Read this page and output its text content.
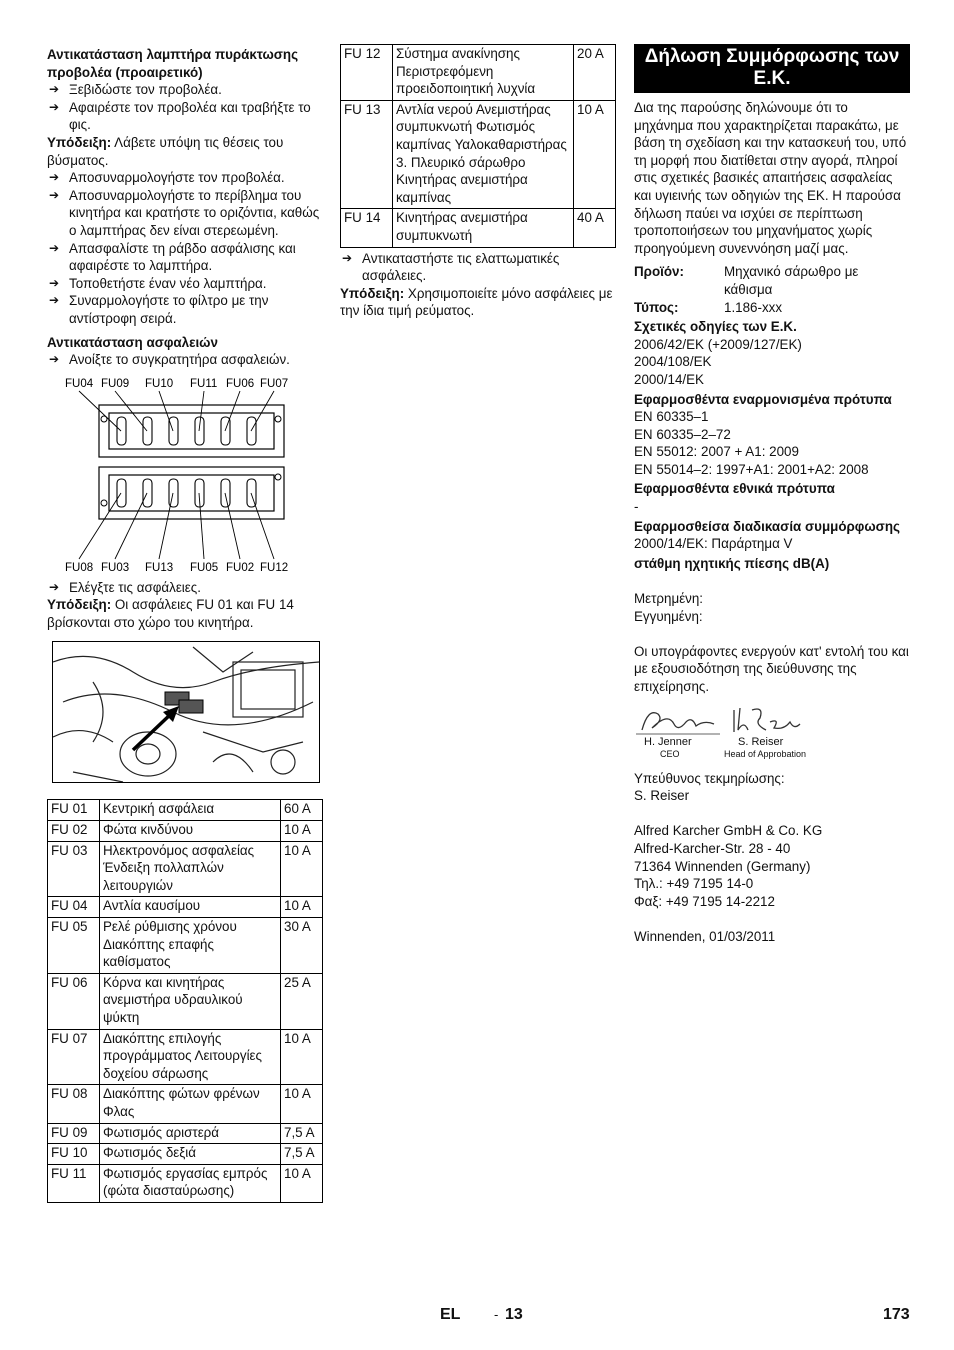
Αντικατάσταση λαμπτήρα πυράκτωσης προβολέα (προαιρετικό)
➔ Ξεβιδώστε τον προβολέα.
➔ Αφαιρέστε τον προβολέα και τραβήξτε το φις.

Υπόδειξη: Λάβετε υπόψη τις θέσεις του βύσματος.

➔ Αποσυναρμολογήστε τον προβολέα.
➔ Αποσυναρμολογήστε το περίβλημα του κινητήρα και κρατήστε το οριζόντια, καθώς ο λαμπτήρας δεν είναι στερεωμένη.
➔ Απασφαλίστε τη ράβδο ασφάλισης και αφαιρέστε το λαμπτήρα.
➔ Τοποθετήστε έναν νέο λαμπτήρα.
➔ Συναρμολογήστε το φίλτρο με την αντίστροφη σειρά.
Αντικατάσταση ασφαλειών
➔ Ανοίξτε το συγκρατητήρα ασφαλειών.
FU04 FU09 FU10 FU11 FU06 FU07
FU08 FU03 FU13 FU05 FU02 FU12
➔ Ελέγξτε τις ασφάλειες.

Υπόδειξη: Οι ασφάλειες FU 01 και FU 14 βρίσκονται στο χώρο του κινητήρα.

FU 01	Κεντρική ασφάλεια	60 A
FU 02	Φώτα κινδύνου	10 A
FU 03	Ηλεκτρονόμος ασφαλείας Ένδειξη πολλαπλών λειτουργιών	10 A
FU 04	Αντλία καυσίμου	10 A
FU 05	Ρελέ ρύθμισης χρόνου Διακόπτης επαφής καθίσματος	30 A
FU 06	Κόρνα και κινητήρας ανεμιστήρα υδραυλικού ψύκτη	25 A
FU 07	Διακόπτης επιλογής προγράμματος Λειτουργίες δοχείου σάρωσης	10 A
FU 08	Διακόπτης φώτων φρένων Φλας	10 A
FU 09	Φωτισμός αριστερά	7,5 A
FU 10	Φωτισμός δεξιά	7,5 A
FU 11	Φωτισμός εργασίας εμπρός (φώτα διασταύρωσης)	10 A
FU 12	Σύστημα ανακίνησης Περιστρεφόμενη προειδοποιητική λυχνία	20 A
FU 13	Αντλία νερού Ανεμιστήρας συμπυκνωτή Φωτισμός καμπίνας Υαλοκαθαριστήρας 3. Πλευρικό σάρωθρο Κινητήρας ανεμιστήρα καμπίνας	10 A
FU 14	Κινητήρας ανεμιστήρα συμπυκνωτή	40 A
➔ Αντικαταστήστε τις ελαττωματικές ασφάλειες.

Υπόδειξη: Χρησιμοποιείτε μόνο ασφάλειες με την ίδια τιμή ρεύματος.

Δήλωση Συμμόρφωσης των Ε.Κ.

Δια της παρούσης δηλώνουμε ότι το μηχάνημα που χαρακτηρίζεται παρακάτω, με βάση τη σχεδίαση και την κατασκευή του, υπό τη μορφή που διατίθεται στην αγορά, πληροί στις σχετικές βασικές απαιτήσεις ασφαλείας και υγιεινής των οδηγιών της ΕΚ. Η παρούσα δήλωση παύει να ισχύει σε περίπτωση τροποποιήσεων του μηχανήματος χωρίς προηγούμενη συνεννόηση μαζί μας.

Προϊόν:	Μηχανικό σάρωθρο με κάθισμα
Τύπος:	1.186-xxx
Σχετικές οδηγίες των Ε.Κ.

2006/42/ΕΚ (+2009/127/ΕΚ)

2004/108/ΕΚ

2000/14/ΕΚ

Εφαρμοσθέντα εναρμονισμένα πρότυπα

EN 60335–1

EN 60335–2–72

EN 55012: 2007 + A1: 2009

EN 55014–2: 1997+A1: 2001+A2: 2008

Εφαρμοσθέντα εθνικά πρότυπα

-

Εφαρμοσθείσα διαδικασία συμμόρφωσης

2000/14/ΕΚ: Παράρτημα V

στάθμη ηχητικής πίεσης dB(A)

Μετρημένη:

Εγγυημένη:

Οι υπογράφοντες ενεργούν κατ' εντολή του και με εξουσιοδότηση της διεύθυνσης της επιχείρησης.

H. Jenner
CEO
S. Reiser
Head of Approbation

Υπεύθυνος τεκμηρίωσης:

S. Reiser

Alfred Karcher GmbH & Co. KG

Alfred-Karcher-Str. 28 - 40

71364 Winnenden (Germany)

Τηλ.: +49 7195 14-0

Φαξ: +49 7195 14-2212

Winnenden, 01/03/2011

EL	- 13	173
